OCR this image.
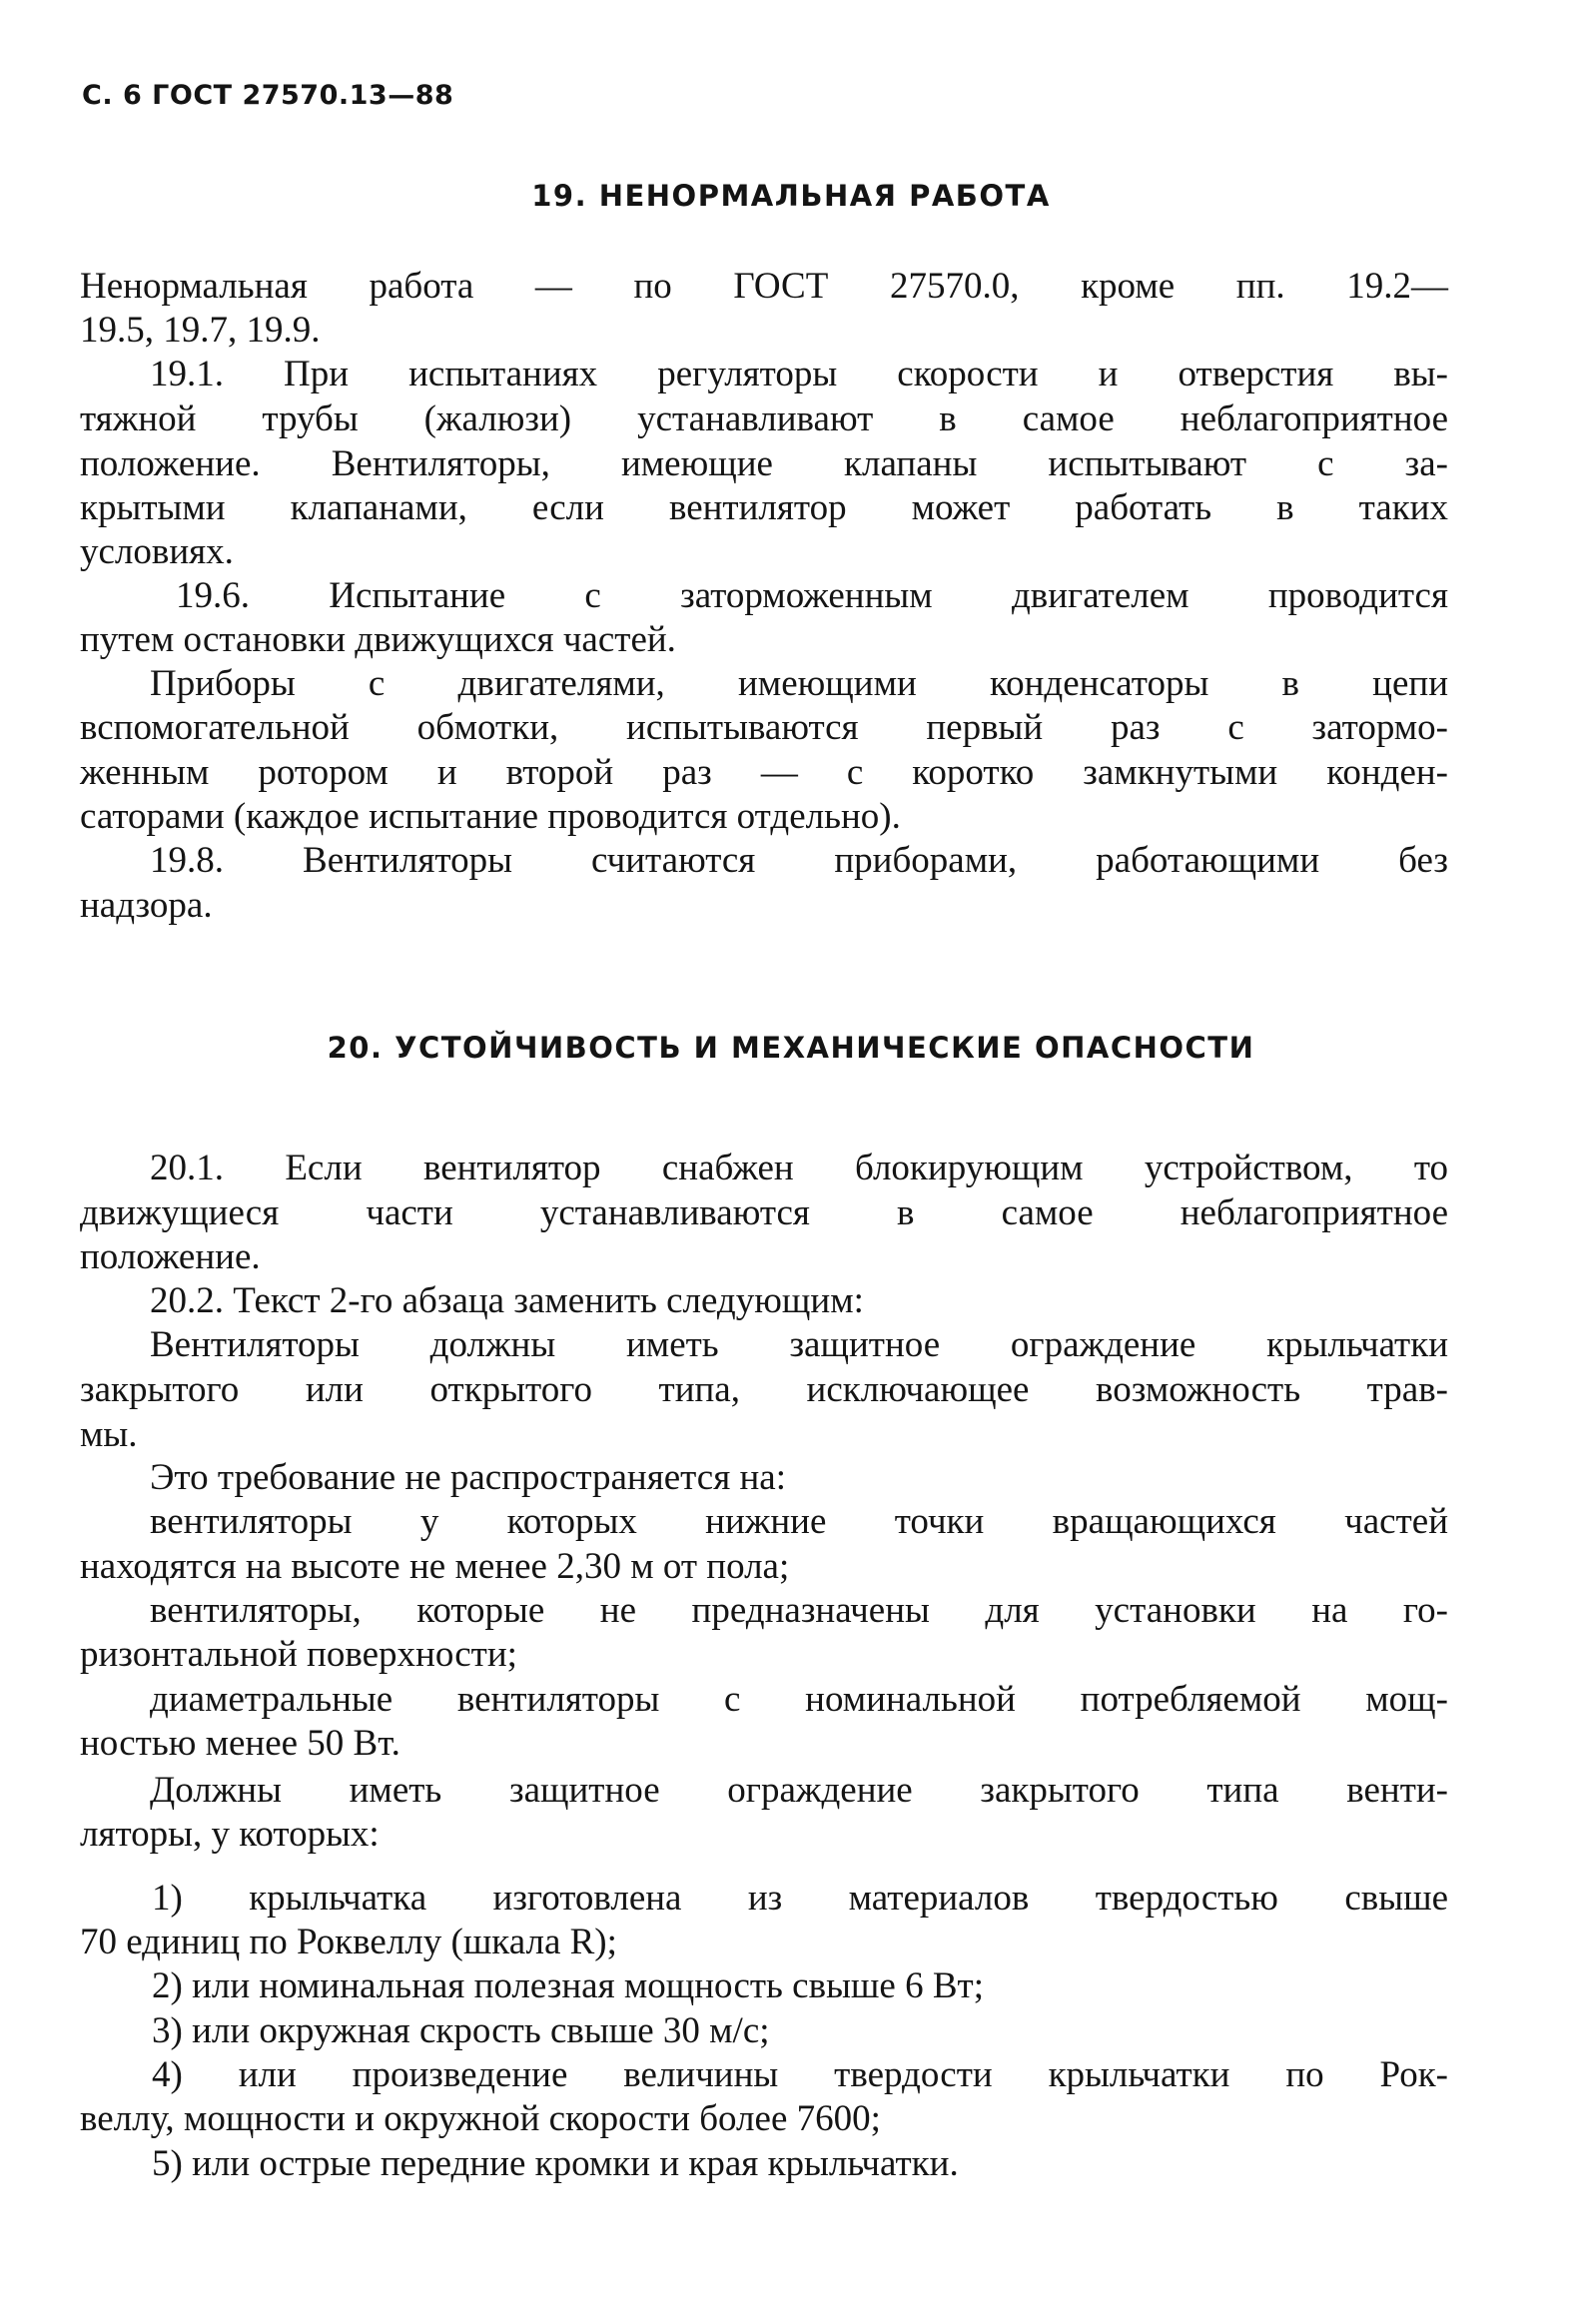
С. 6 ГОСТ 27570.13—88

19. НЕНОРМАЛЬНАЯ РАБОТА

Ненормальная работа — по ГОСТ 27570.0, кроме пп. 19.2—

19.5, 19.7, 19.9.

19.1. При испытаниях регуляторы скорости и отверстия вы-

тяжной трубы (жалюзи) устанавливают в самое неблагоприятное

положение. Вентиляторы, имеющие клапаны испытывают с за-

крытыми клапанами, если вентилятор может работать в таких

условиях.

19.6. Испытание с заторможенным двигателем проводится

путем остановки движущихся частей.

Приборы с двигателями, имеющими конденсаторы в цепи

вспомогательной обмотки, испытываются первый раз с затормо-

женным ротором и второй раз — с коротко замкнутыми конден-

саторами (каждое испытание проводится отдельно).

19.8. Вентиляторы считаются приборами, работающими без

надзора.

20. УСТОЙЧИВОСТЬ И МЕХАНИЧЕСКИЕ ОПАСНОСТИ

20.1. Если вентилятор снабжен блокирующим устройством, то

движущиеся части устанавливаются в самое неблагоприятное

положение.

20.2. Текст 2-го абзаца заменить следующим:

Вентиляторы должны иметь защитное ограждение крыльчатки

закрытого или открытого типа, исключающее возможность трав-

мы.

Это требование не распространяется на:

вентиляторы у которых нижние точки вращающихся частей

находятся на высоте не менее 2,30 м от пола;

вентиляторы, которые не предназначены для установки на го-

ризонтальной поверхности;

диаметральные вентиляторы с номинальной потребляемой мощ-

ностью менее 50 Вт.

Должны иметь защитное ограждение закрытого типа венти-

ляторы, у которых:

1) крыльчатка изготовлена из материалов твердостью свыше

70 единиц по Роквеллу (шкала R);

2) или номинальная полезная мощность свыше 6 Вт;

3) или окружная скрость свыше 30 м/с;

4) или произведение величины твердости крыльчатки по Рок-

веллу, мощности и окружной скорости более 7600;

5) или острые передние кромки и края крыльчатки.
